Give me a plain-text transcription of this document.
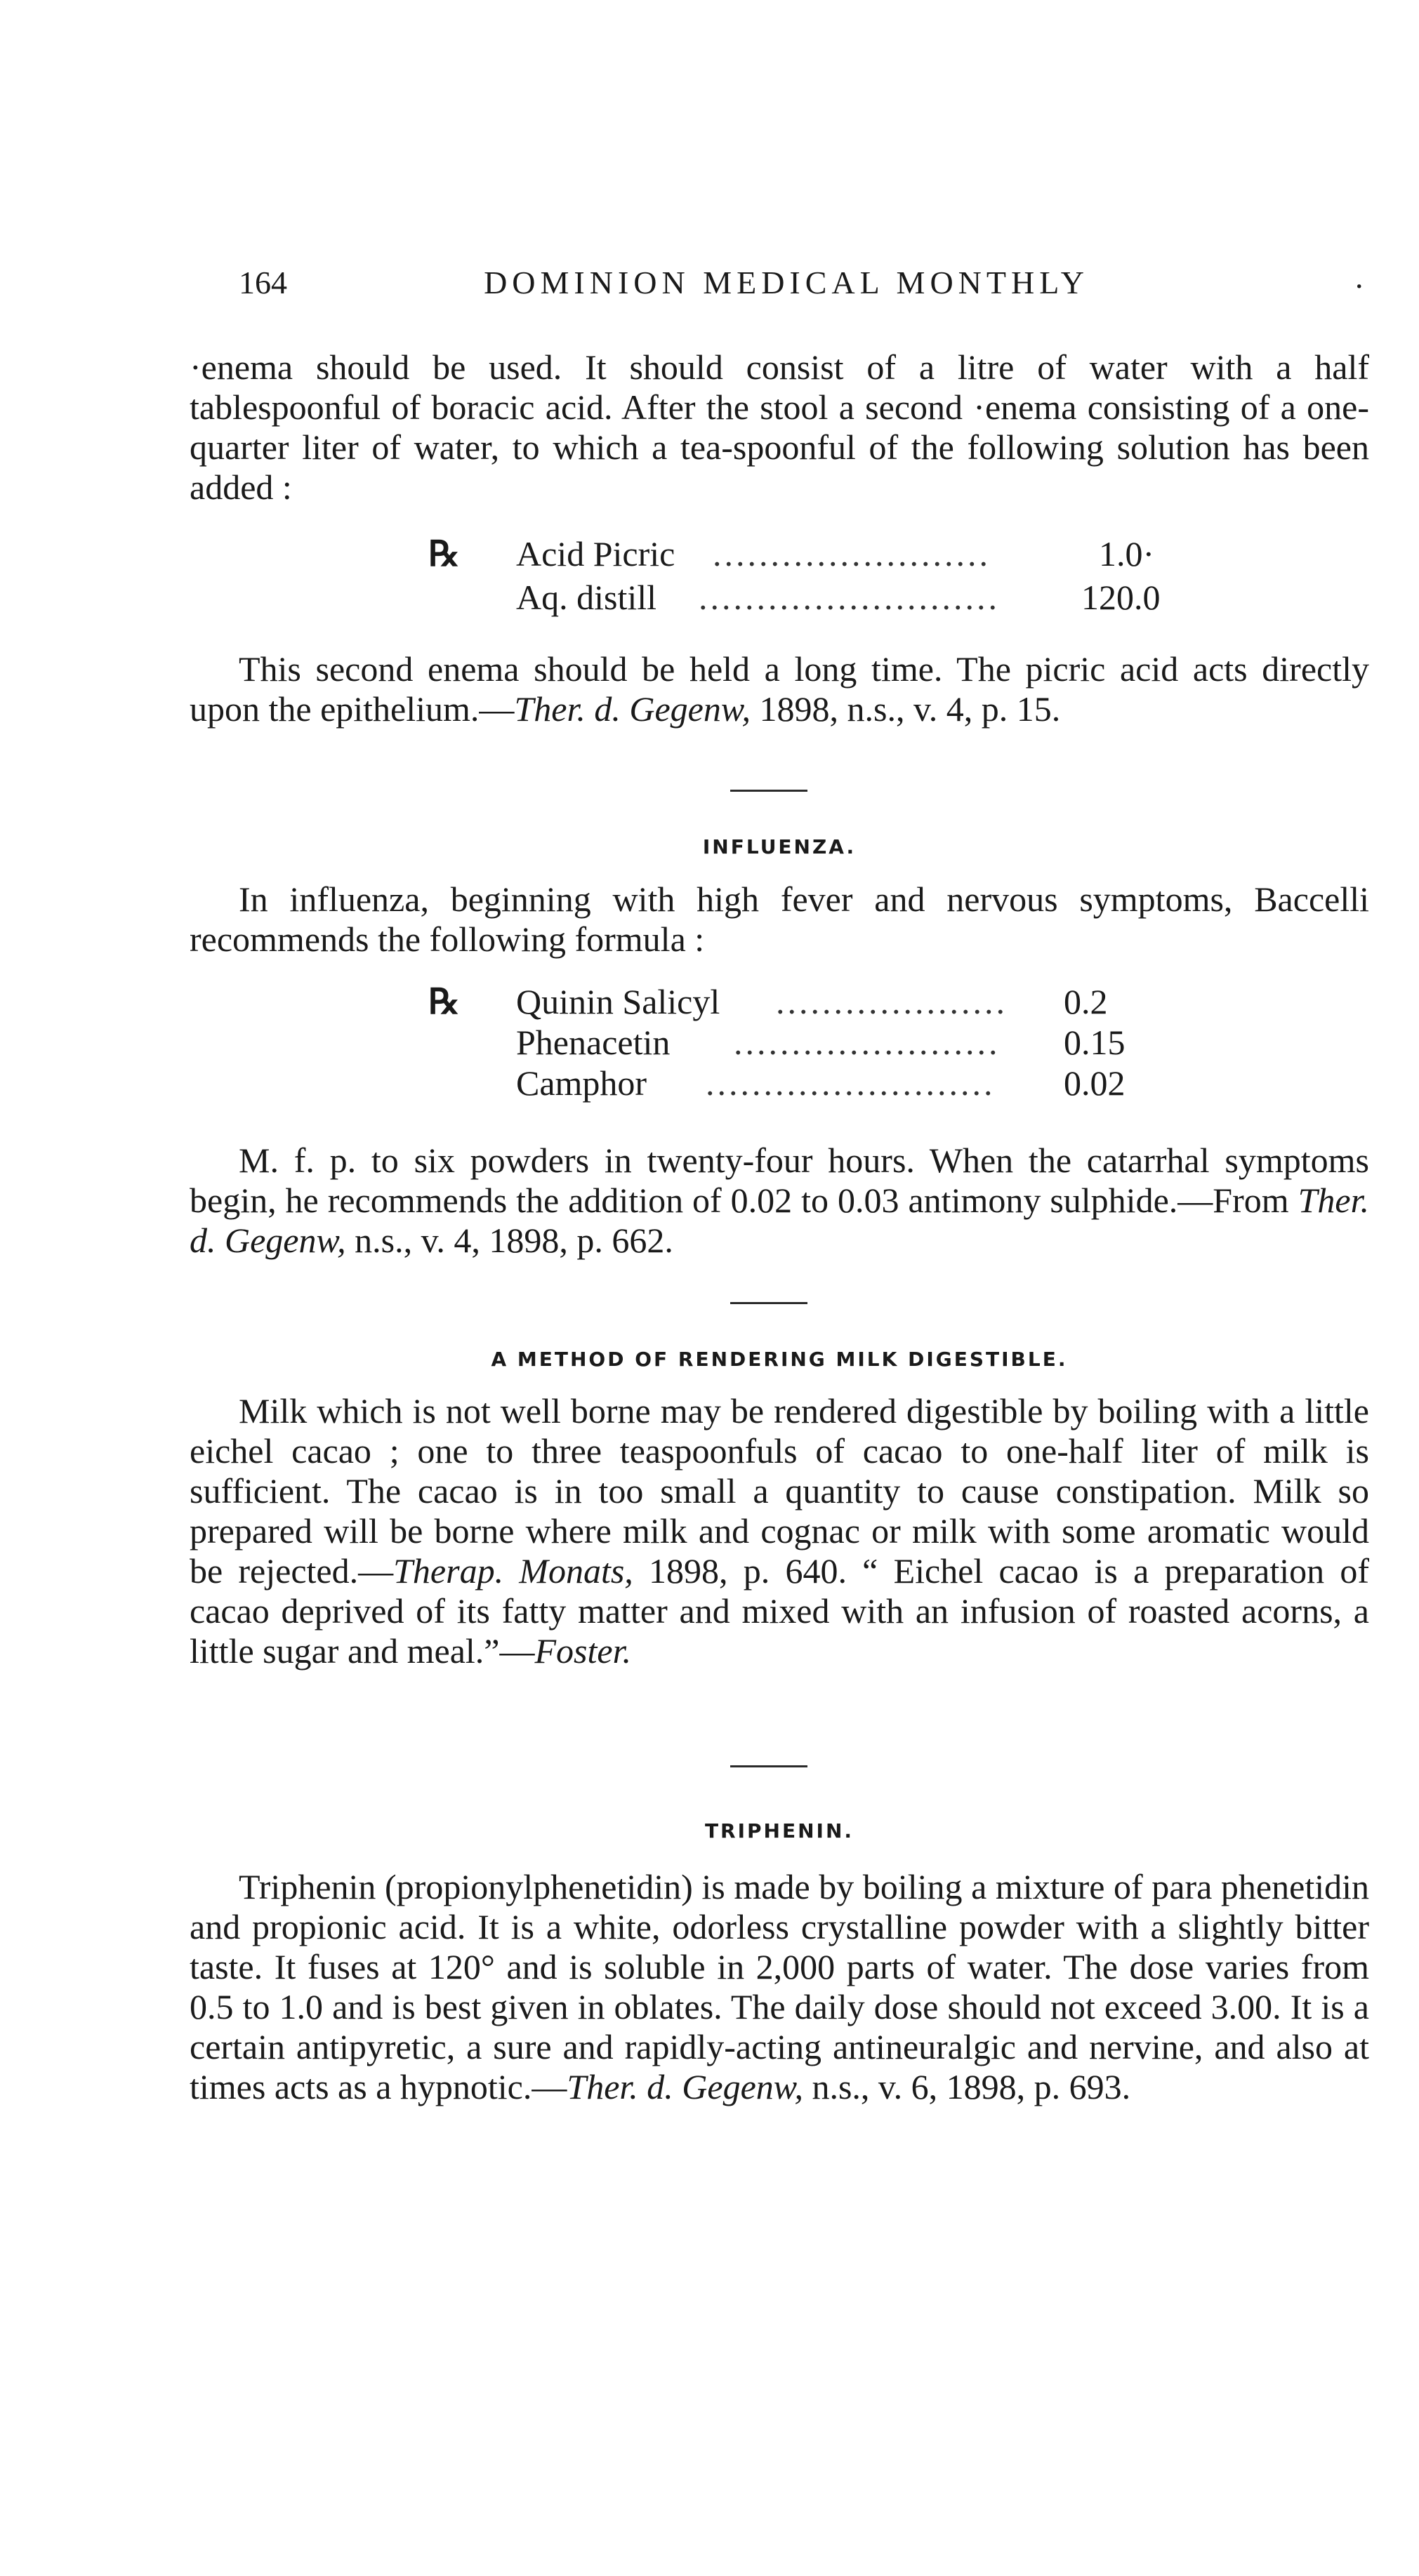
164	DOMINION MEDICAL MONTHLY	.

·enema should be used. It should consist of a litre of water with a half tablespoonful of boracic acid. After the stool a second ·enema consisting of a one-quarter liter of water, to which a tea-spoonful of the following solution has been added :

℞ Acid Picric ........................	1.0·
Aq. distill ..........................	120.0

This second enema should be held a long time. The picric acid acts directly upon the epithelium.—Ther. d. Gegenw, 1898, n.s., v. 4, p. 15.

INFLUENZA.

In influenza, beginning with high fever and nervous symptoms, Baccelli recommends the following formula :

℞ Quinin Salicyl ....................	0.2
Phenacetin .......................	0.15
Camphor .........................	0.02

M. f. p. to six powders in twenty-four hours. When the catarrhal symptoms begin, he recommends the addition of 0.02 to 0.03 antimony sulphide.—From Ther. d. Gegenw, n.s., v. 4, 1898, p. 662.

A METHOD OF RENDERING MILK DIGESTIBLE.

Milk which is not well borne may be rendered digestible by boiling with a little eichel cacao ; one to three teaspoonfuls of cacao to one-half liter of milk is sufficient. The cacao is in too small a quantity to cause constipation. Milk so prepared will be borne where milk and cognac or milk with some aromatic would be rejected.—Therap. Monats, 1898, p. 640. “ Eichel cacao is a preparation of cacao deprived of its fatty matter and mixed with an infusion of roasted acorns, a little sugar and meal.”—Foster.

TRIPHENIN.

Triphenin (propionylphenetidin) is made by boiling a mixture of para phenetidin and propionic acid. It is a white, odorless crystalline powder with a slightly bitter taste. It fuses at 120° and is soluble in 2,000 parts of water. The dose varies from 0.5 to 1.0 and is best given in oblates. The daily dose should not exceed 3.00. It is a certain antipyretic, a sure and rapidly-acting antineuralgic and nervine, and also at times acts as a hypnotic.—Ther. d. Gegenw, n.s., v. 6, 1898, p. 693.
